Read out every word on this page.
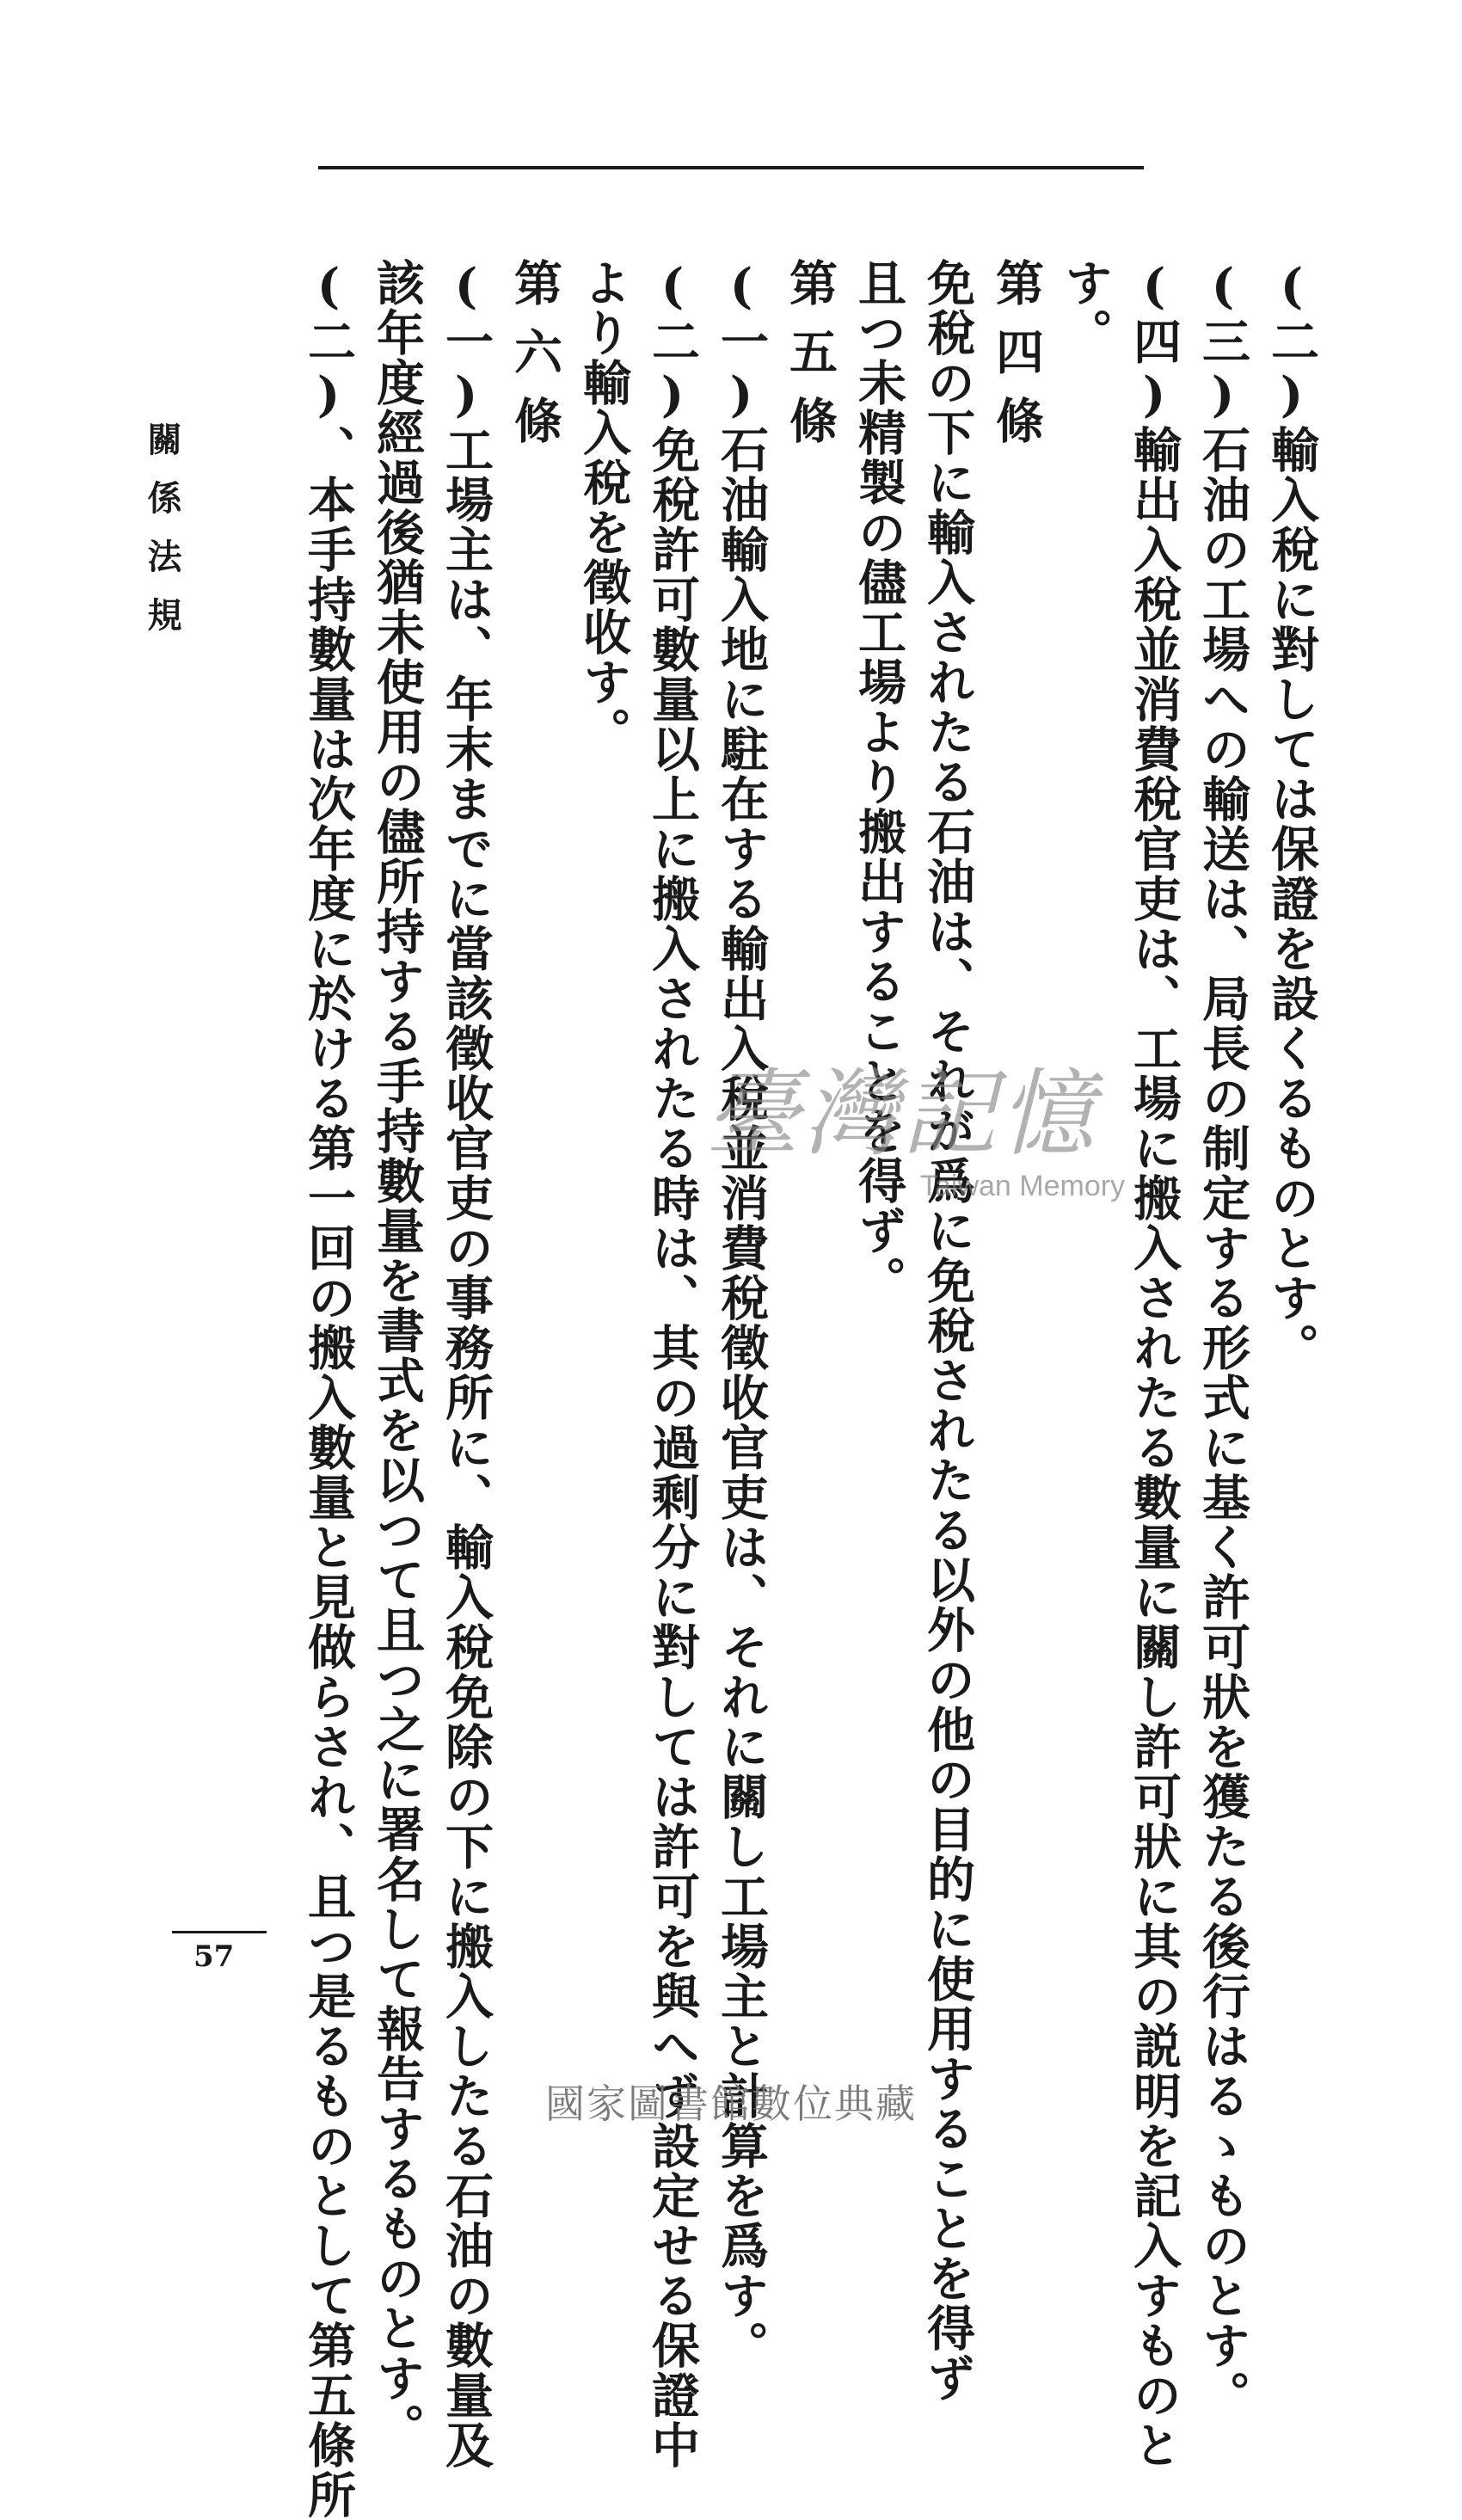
(二)輸入稅に對しては保證を設くるものとす。
(三)石油の工場への輸送は、局長の制定する形式に基く許可狀を獲たる後行はるゝものとす。
(四)輸出入稅並消費稅官吏は、工場に搬入されたる數量に關し許可狀に其の説明を記入すものと
す。
第四條
免稅の下に輸入されたる石油は、それが爲に免稅されたる以外の他の目的に使用することを得ず
且つ未精製の儘工場より搬出することを得ず。
第五條
(一)石油輸入地に駐在する輸出入稅並消費稅徵收官吏は、それに關し工場主と計算を爲す。
(二)免稅許可數量以上に搬入されたる時は、其の過剩分に對しては許可を與へず設定せる保證中
より輸入稅を徵收す。
第六條
(一)工場主は、年末までに當該徵收官吏の事務所に、輸入稅免除の下に搬入したる石油の數量及
該年度經過後猶未使用の儘所持する手持數量を書式を以つて且つ之に署名して報告するものとす。
(二)、本手持數量は次年度に於ける第一回の搬入數量と見做らされ、且つ是るものとして第五條所
關係法規
57
臺灣記憶
Taiwan Memory
國家圖書館數位典藏
